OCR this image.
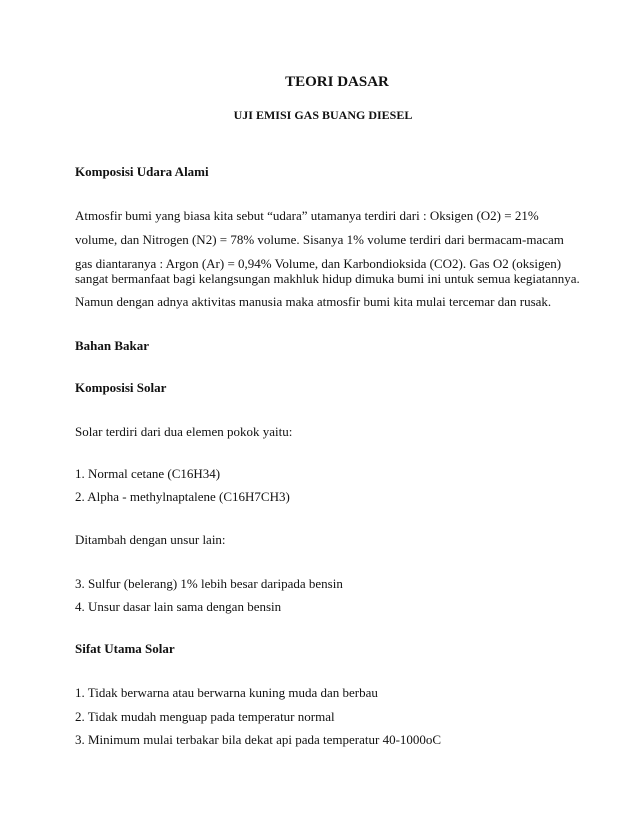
TEORI DASAR
UJI EMISI GAS BUANG DIESEL
Komposisi Udara Alami
Atmosfir bumi yang biasa kita sebut “udara” utamanya terdiri dari : Oksigen (O2) = 21%
volume, dan Nitrogen (N2) = 78% volume. Sisanya 1% volume terdiri dari bermacam-macam
gas diantaranya : Argon (Ar) = 0,94% Volume, dan Karbondioksida (CO2). Gas O2 (oksigen)
sangat bermanfaat bagi kelangsungan makhluk hidup dimuka bumi ini untuk semua kegiatannya.
Namun dengan adnya aktivitas manusia maka atmosfir bumi kita mulai tercemar dan rusak.
Bahan Bakar
Komposisi Solar
Solar terdiri dari dua elemen pokok yaitu:
1. Normal cetane (C16H34)
2. Alpha - methylnaptalene (C16H7CH3)
Ditambah dengan unsur lain:
3. Sulfur (belerang) 1% lebih besar daripada bensin
4. Unsur dasar lain sama dengan bensin
Sifat Utama Solar
1. Tidak berwarna atau berwarna kuning muda dan berbau
2. Tidak mudah menguap pada temperatur normal
3. Minimum mulai terbakar bila dekat api pada temperatur 40-1000oC
